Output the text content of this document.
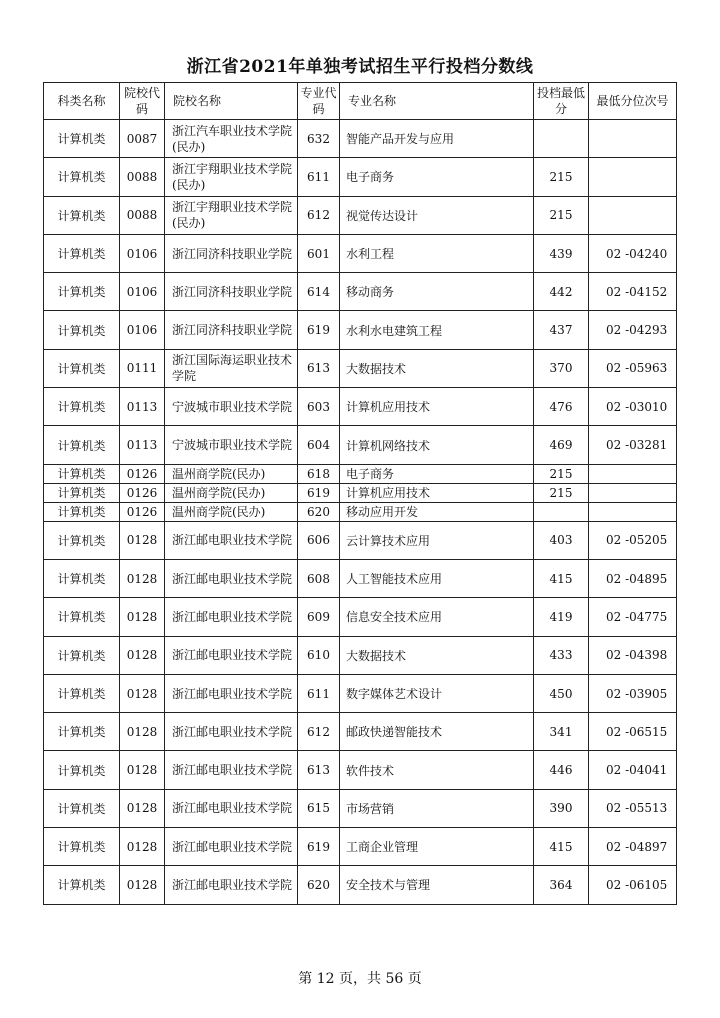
浙江省2021年单独考试招生平行投档分数线
科类名称	院校代码	院校名称	专业代码	专业名称	投档最低分	最低分位次号
计算机类	0087	浙江汽车职业技术学院(民办)	632	智能产品开发与应用		
计算机类	0088	浙江宇翔职业技术学院(民办)	611	电子商务	215	
计算机类	0088	浙江宇翔职业技术学院(民办)	612	视觉传达设计	215	
计算机类	0106	浙江同济科技职业学院	601	水利工程	439	02 -04240
计算机类	0106	浙江同济科技职业学院	614	移动商务	442	02 -04152
计算机类	0106	浙江同济科技职业学院	619	水利水电建筑工程	437	02 -04293
计算机类	0111	浙江国际海运职业技术学院	613	大数据技术	370	02 -05963
计算机类	0113	宁波城市职业技术学院	603	计算机应用技术	476	02 -03010
计算机类	0113	宁波城市职业技术学院	604	计算机网络技术	469	02 -03281
计算机类	0126	温州商学院(民办)	618	电子商务	215	
计算机类	0126	温州商学院(民办)	619	计算机应用技术	215	
计算机类	0126	温州商学院(民办)	620	移动应用开发		
计算机类	0128	浙江邮电职业技术学院	606	云计算技术应用	403	02 -05205
计算机类	0128	浙江邮电职业技术学院	608	人工智能技术应用	415	02 -04895
计算机类	0128	浙江邮电职业技术学院	609	信息安全技术应用	419	02 -04775
计算机类	0128	浙江邮电职业技术学院	610	大数据技术	433	02 -04398
计算机类	0128	浙江邮电职业技术学院	611	数字媒体艺术设计	450	02 -03905
计算机类	0128	浙江邮电职业技术学院	612	邮政快递智能技术	341	02 -06515
计算机类	0128	浙江邮电职业技术学院	613	软件技术	446	02 -04041
计算机类	0128	浙江邮电职业技术学院	615	市场营销	390	02 -05513
计算机类	0128	浙江邮电职业技术学院	619	工商企业管理	415	02 -04897
计算机类	0128	浙江邮电职业技术学院	620	安全技术与管理	364	02 -06105
第 12 页，共 56 页
